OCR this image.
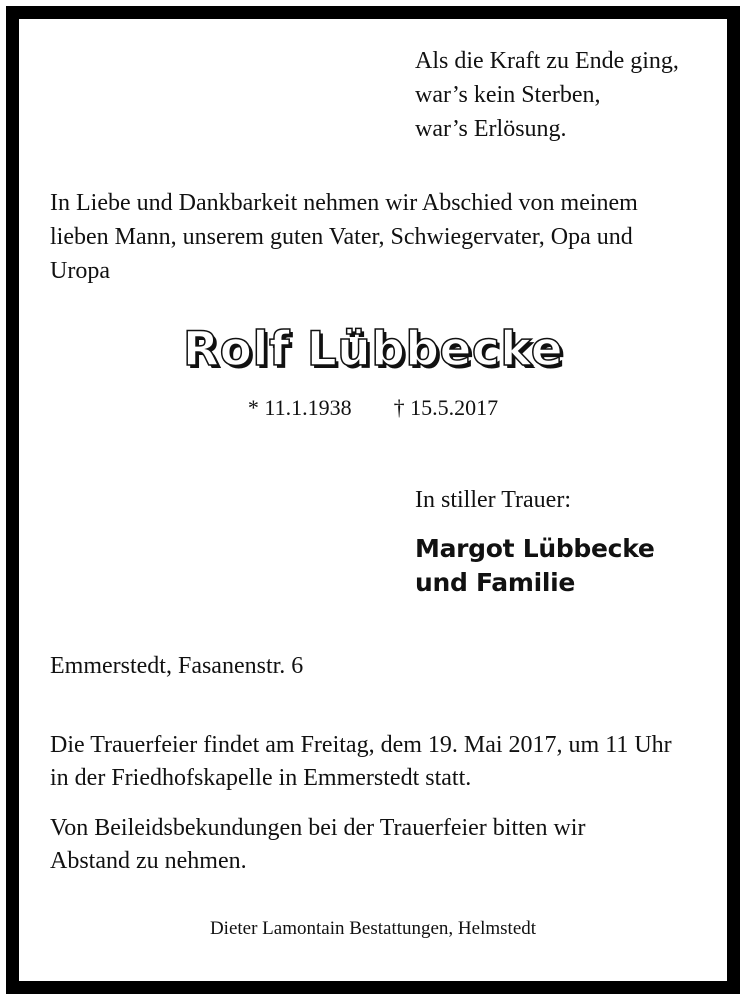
Als die Kraft zu Ende ging,
war’s kein Sterben,
war’s Erlösung.
In Liebe und Dankbarkeit nehmen wir Abschied von meinem
lieben Mann, unserem guten Vater, Schwiegervater, Opa und
Uropa
Rolf Lübbecke
* 11.1.1938 † 15.5.2017
In stiller Trauer:
Margot Lübbecke
und Familie
Emmerstedt, Fasanenstr. 6
Die Trauerfeier findet am Freitag, dem 19. Mai 2017, um 11 Uhr
in der Friedhofskapelle in Emmerstedt statt.
Von Beileidsbekundungen bei der Trauerfeier bitten wir
Abstand zu nehmen.
Dieter Lamontain Bestattungen, Helmstedt
